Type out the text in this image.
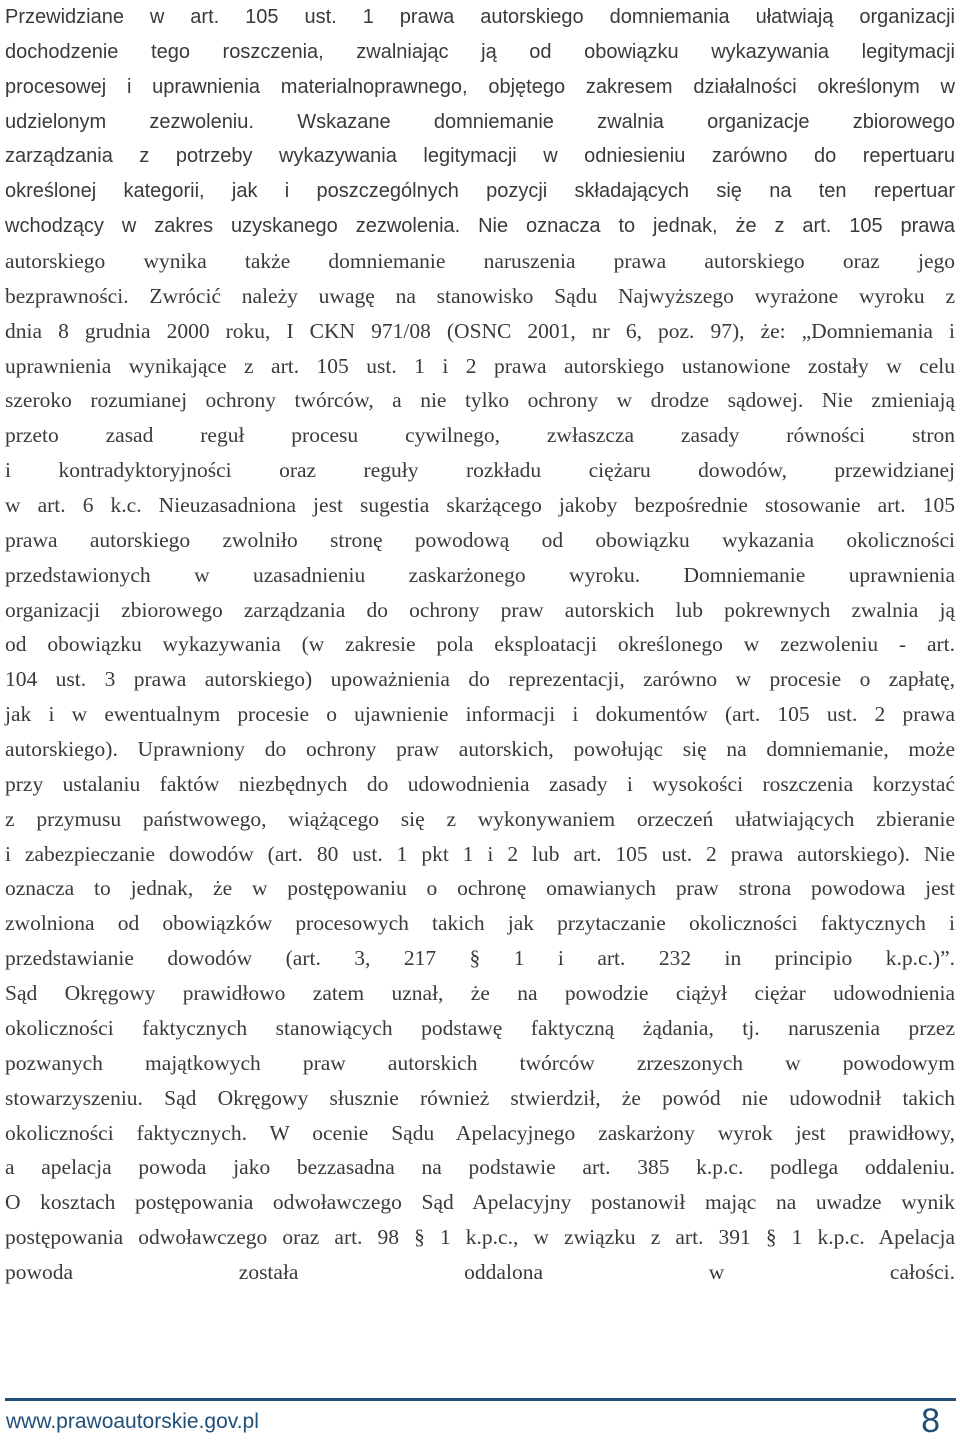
Przewidziane w art. 105 ust. 1 prawa autorskiego domniemania ułatwiają organizacji
dochodzenie tego roszczenia, zwalniając ją od obowiązku wykazywania legitymacji
procesowej i uprawnienia materialnoprawnego, objętego zakresem działalności określonym w
udzielonym zezwoleniu. Wskazane domniemanie zwalnia organizacje zbiorowego
zarządzania z potrzeby wykazywania legitymacji w odniesieniu zarówno do repertuaru
określonej kategorii, jak i poszczególnych pozycji składających się na ten repertuar
wchodzący w zakres uzyskanego zezwolenia. Nie oznacza to jednak, że z art. 105 prawa
autorskiego wynika także domniemanie naruszenia prawa autorskiego oraz jego
bezprawności. Zwrócić należy uwagę na stanowisko Sądu Najwyższego wyrażone wyroku z
dnia 8 grudnia 2000 roku, I CKN 971/08 (OSNC 2001, nr 6, poz. 97), że: „Domniemania i
uprawnienia wynikające z art. 105 ust. 1 i 2 prawa autorskiego ustanowione zostały w celu
szeroko rozumianej ochrony twórców, a nie tylko ochrony w drodze sądowej. Nie zmieniają
przeto zasad reguł procesu cywilnego, zwłaszcza zasady równości stron
i kontradyktoryjności oraz reguły rozkładu ciężaru dowodów, przewidzianej
w art. 6 k.c. Nieuzasadniona jest sugestia skarżącego jakoby bezpośrednie stosowanie art. 105
prawa autorskiego zwolniło stronę powodową od obowiązku wykazania okoliczności
przedstawionych w uzasadnieniu zaskarżonego wyroku. Domniemanie uprawnienia
organizacji zbiorowego zarządzania do ochrony praw autorskich lub pokrewnych zwalnia ją
od obowiązku wykazywania (w zakresie pola eksploatacji określonego w zezwoleniu - art.
104 ust. 3 prawa autorskiego) upoważnienia do reprezentacji, zarówno w procesie o zapłatę,
jak i w ewentualnym procesie o ujawnienie informacji i dokumentów (art. 105 ust. 2 prawa
autorskiego). Uprawniony do ochrony praw autorskich, powołując się na domniemanie, może
przy ustalaniu faktów niezbędnych do udowodnienia zasady i wysokości roszczenia korzystać
z przymusu państwowego, wiążącego się z wykonywaniem orzeczeń ułatwiających zbieranie
i zabezpieczanie dowodów (art. 80 ust. 1 pkt 1 i 2 lub art. 105 ust. 2 prawa autorskiego). Nie
oznacza to jednak, że w postępowaniu o ochronę omawianych praw strona powodowa jest
zwolniona od obowiązków procesowych takich jak przytaczanie okoliczności faktycznych i
przedstawianie dowodów (art. 3, 217 § 1 i art. 232 in principio k.p.c.)”.
Sąd Okręgowy prawidłowo zatem uznał, że na powodzie ciążył ciężar udowodnienia
okoliczności faktycznych stanowiących podstawę faktyczną żądania, tj. naruszenia przez
pozwanych majątkowych praw autorskich twórców zrzeszonych w powodowym
stowarzyszeniu. Sąd Okręgowy słusznie również stwierdził, że powód nie udowodnił takich
okoliczności faktycznych. W ocenie Sądu Apelacyjnego zaskarżony wyrok jest prawidłowy,
a apelacja powoda jako bezzasadna na podstawie art. 385 k.p.c. podlega oddaleniu.
O kosztach postępowania odwoławczego Sąd Apelacyjny postanowił mając na uwadze wynik
postępowania odwoławczego oraz art. 98 § 1 k.p.c., w związku z art. 391 § 1 k.p.c. Apelacja
powoda została oddalona w całości.
www.prawoautorskie.gov.pl	8
